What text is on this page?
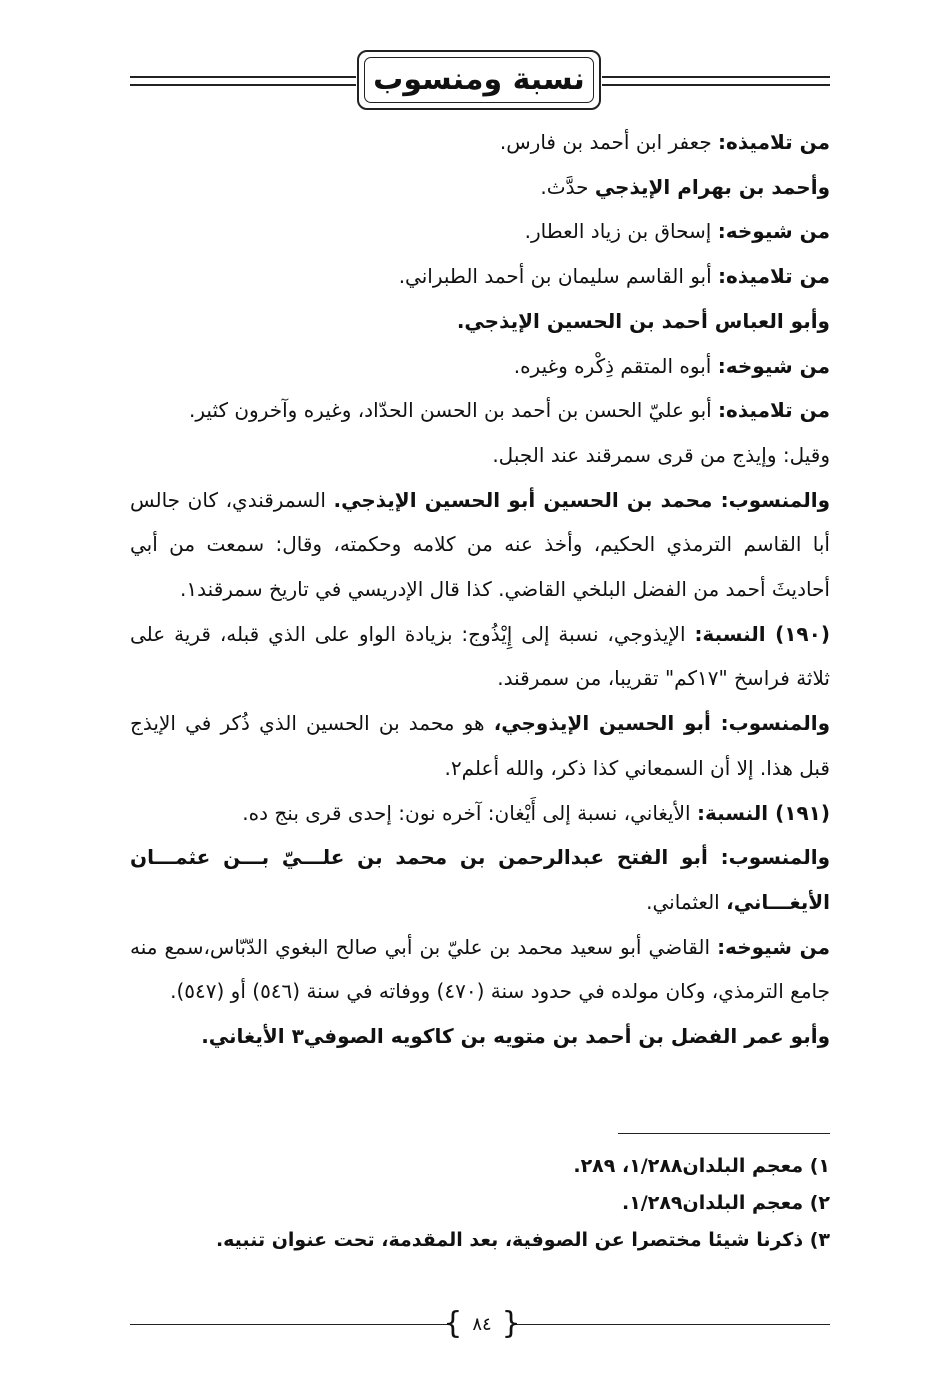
نسبة ومنسوب

من تلاميذه: جعفر ابن أحمد بن فارس.

وأحمد بن بهرام الإيذجي حدَّث.

من شيوخه: إسحاق بن زياد العطار.

من تلاميذه: أبو القاسم سليمان بن أحمد الطبراني.

وأبو العباس أحمد بن الحسين الإيذجي.

من شيوخه: أبوه المتقم ذِكْره وغيره.

من تلاميذه: أبو عليّ الحسن بن أحمد بن الحسن الحدّاد، وغيره وآخرون كثير.

وقيل: وإيذج من قرى سمرقند عند الجبل.

والمنسوب: محمد بن الحسين أبو الحسين الإيذجي. السمرقندي، كان جالس أبا القاسم الترمذي الحكيم، وأخذ عنه من كلامه وحكمته، وقال: سمعت من أبي أحاديثَ أحمد من الفضل البلخي القاضي. كذا قال الإدريسي في تاريخ سمرقند١.

(١٩٠) النسبة: الإيذوجي، نسبة إلى إِيْذُوج: بزيادة الواو على الذي قبله، قرية على ثلاثة فراسخ "١٧كم" تقريبا، من سمرقند.

والمنسوب: أبو الحسين الإيذوجي، هو محمد بن الحسين الذي ذُكر في الإيذج قبل هذا. إلا أن السمعاني كذا ذكر، والله أعلم٢.

(١٩١) النسبة: الأيغاني، نسبة إلى أَيْغان: آخره نون: إحدى قرى بنج ده.

والمنسوب: أبو الفتح عبدالرحمن بن محمد بن علـــيّ بـــن عثمـــان الأيغـــاني، العثماني.

من شيوخه: القاضي أبو سعيد محمد بن عليّ بن أبي صالح البغوي الدّبّاس،سمع منه جامع الترمذي، وكان مولده في حدود سنة (٤٧٠) ووفاته في سنة (٥٤٦) أو (٥٤٧).

وأبو عمر الفضل بن أحمد بن متويه بن كاكويه الصوفي٣ الأيغاني.

١) معجم البلدان١/٢٨٨، ٢٨٩.

٢) معجم البلدان١/٢٨٩.

٣) ذكرنا شيئا مختصرا عن الصوفية، بعد المقدمة، تحت عنوان تنبيه.

{ ٨٤ }
